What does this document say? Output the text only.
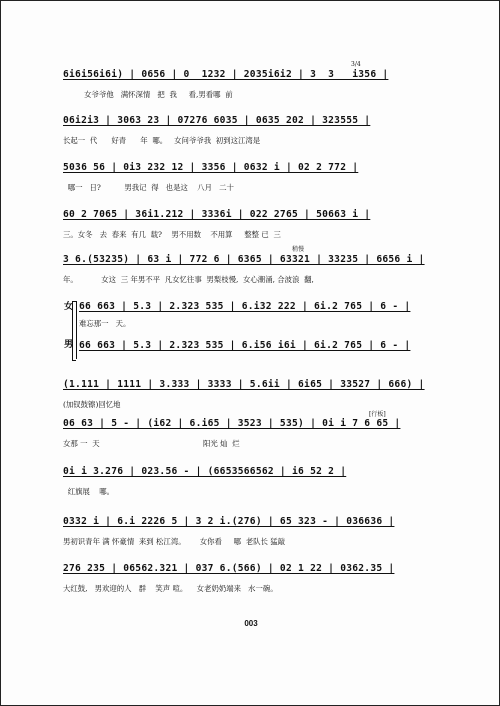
6i6i56i6i) | 0656 | 0  1232 | 2035i6i2 | 3  3   i356 |
女爷爷他   满怀深情   把  我     看,男看哪  前
06i2i3 | 3063 23 | 07276 6035 | 0635 202 | 323555 |
长起一  代      好青      年  哪。   女问爷爷我  初到这江湾是
5036 56 | 0i3 232 12 | 3356 | 0632 i | 02 2 772 |
哪一   日?          男我记  得   也是这    八月   二十
60 2 7065 | 36i1.212 | 3336i | 022 2765 | 50663 i |
三。女冬   去  春来  有几  载?    男不用数    不用算     整整 已  三
3 6.(53235) | 63 i | 772 6 | 6365 | 63321 | 33235 | 6656 i |
年。          女这  三 年男不平  凡女忆往事  男梨枝慢,  女心潮涌, 合波浪  翻,
女
男
66 663 | 5.3 | 2.323 535 | 6.i32 222 | 6i.2 765 | 6 - |
难忘那一   天。
66 663 | 5.3 | 2.323 535 | 6.i56 i6i | 6i.2 765 | 6 - |
(1.111 | 1111 | 3.333 | 3333 | 5.6ii | 6i65 | 33527 | 666) |
(加钗鼓镲)回忆地
06 63 | 5 - | (i62 | 6.i65 | 3523 | 535) | 0i i 7 6 65 |
女那 一  天                                            阳光 灿  烂
0i i 3.276 | 023.56 - | (6653566562 | i6 52 2 |
红旗展    哪。
0332 i | 6.i 2226 5 | 3 2 i.(276) | 65 323 - | 036636 |
男初识青年 满 怀豪情  来到 松江湾。      女你看     哪  老队长 猛敲
276 235 | 06562.321 | 037 6.(566) | 02 1 22 | 0362.35 |
大红鼓,   男欢迎的人   群    笑声 喧。    女老奶奶端来   水一碗。
3/4
稍慢
[行板]
003
